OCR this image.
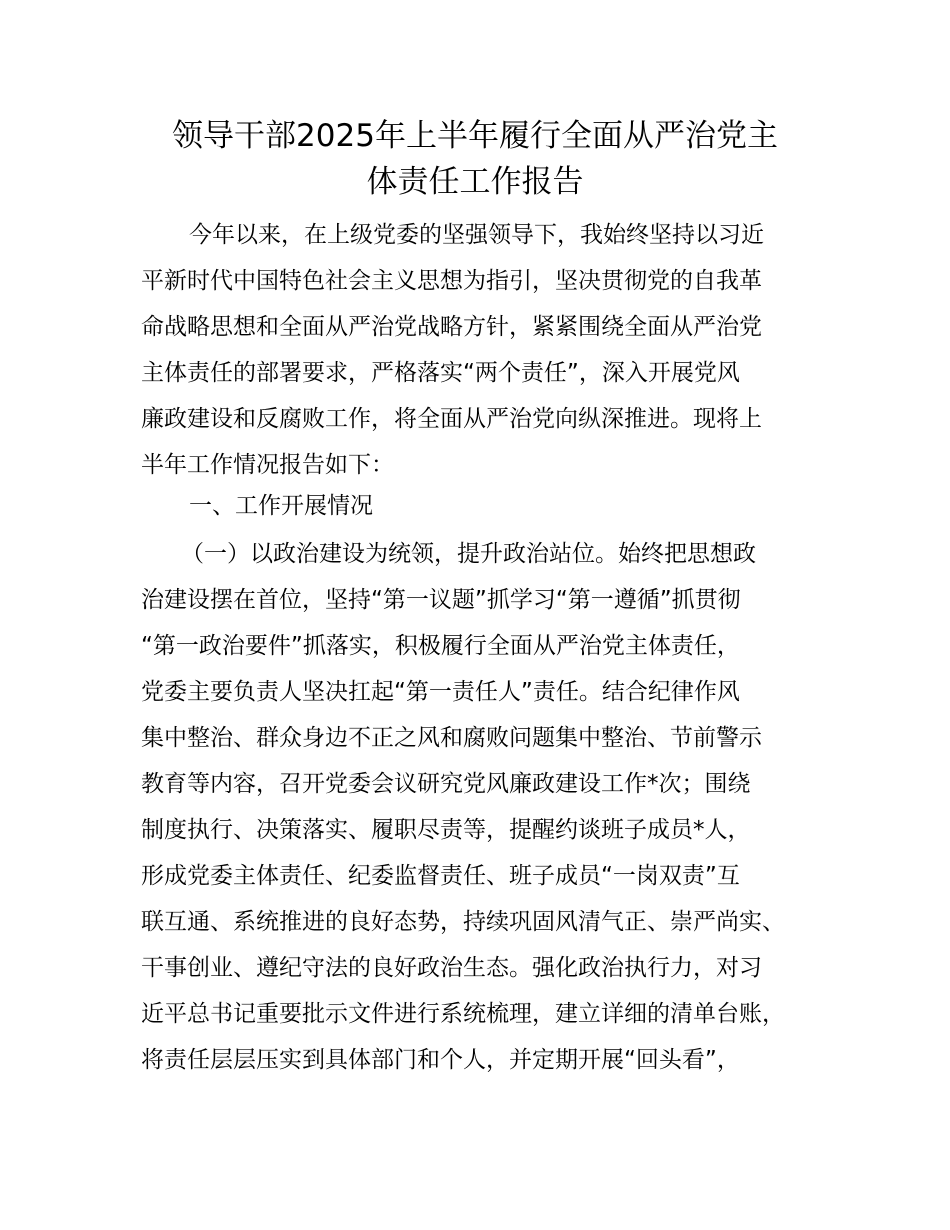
领导干部2025年上半年履行全面从严治党主
体责任工作报告
今年以来，在上级党委的坚强领导下，我始终坚持以习近
平新时代中国特色社会主义思想为指引，坚决贯彻党的自我革
命战略思想和全面从严治党战略方针，紧紧围绕全面从严治党
主体责任的部署要求，严格落实“两个责任”，深入开展党风
廉政建设和反腐败工作，将全面从严治党向纵深推进。现将上
半年工作情况报告如下：
一、工作开展情况
（一）以政治建设为统领，提升政治站位。始终把思想政
治建设摆在首位，坚持“第一议题”抓学习“第一遵循”抓贯彻
“第一政治要件”抓落实，积极履行全面从严治党主体责任，
党委主要负责人坚决扛起“第一责任人”责任。结合纪律作风
集中整治、群众身边不正之风和腐败问题集中整治、节前警示
教育等内容，召开党委会议研究党风廉政建设工作*次；围绕
制度执行、决策落实、履职尽责等，提醒约谈班子成员*人，
形成党委主体责任、纪委监督责任、班子成员“一岗双责”互
联互通、系统推进的良好态势，持续巩固风清气正、崇严尚实、
干事创业、遵纪守法的良好政治生态。强化政治执行力，对习
近平总书记重要批示文件进行系统梳理，建立详细的清单台账，
将责任层层压实到具体部门和个人，并定期开展“回头看”，
